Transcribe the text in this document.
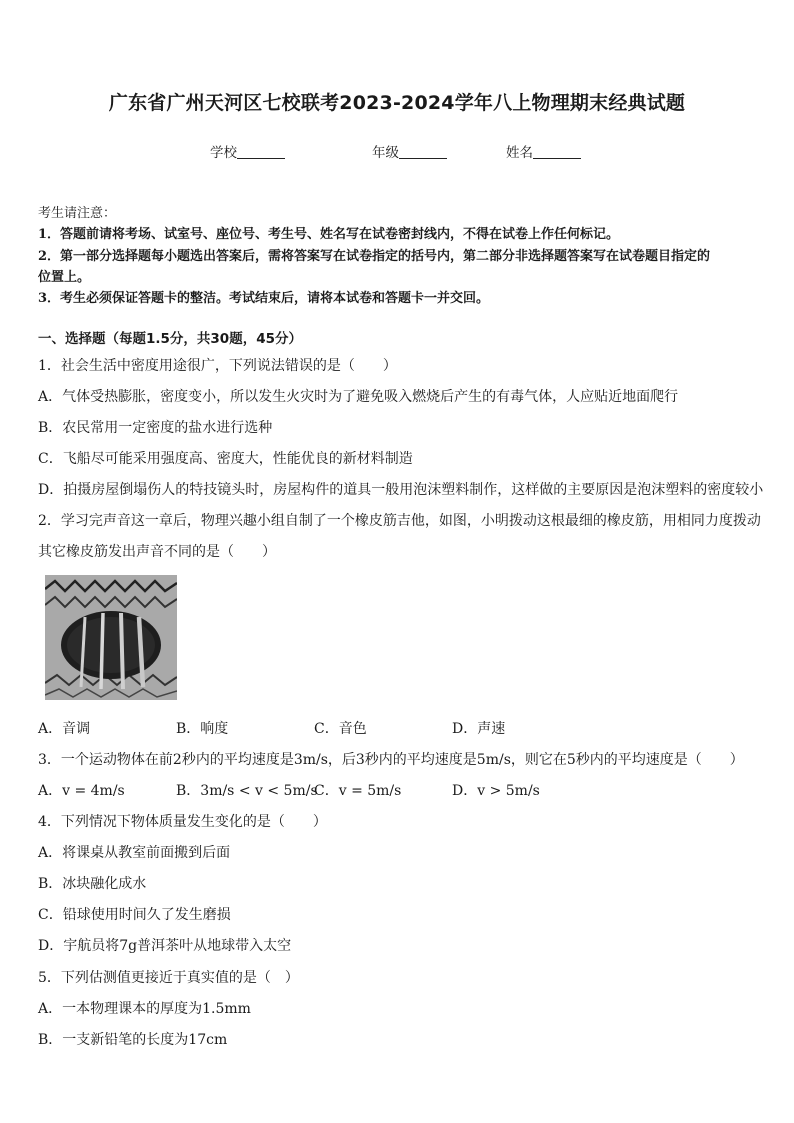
广东省广州天河区七校联考2023-2024学年八上物理期末经典试题
学校	年级	姓名
考生请注意：
1．答题前请将考场、试室号、座位号、考生号、姓名写在试卷密封线内，不得在试卷上作任何标记。
2．第一部分选择题每小题选出答案后，需将答案写在试卷指定的括号内，第二部分非选择题答案写在试卷题目指定的
位置上。
3．考生必须保证答题卡的整洁。考试结束后，请将本试卷和答题卡一并交回。
一、选择题（每题1.5分，共30题，45分）
1．社会生活中密度用途很广，下列说法错误的是（　　）
A．气体受热膨胀，密度变小，所以发生火灾时为了避免吸入燃烧后产生的有毒气体，人应贴近地面爬行
B．农民常用一定密度的盐水进行选种
C．飞船尽可能采用强度高、密度大，性能优良的新材料制造
D．拍摄房屋倒塌伤人的特技镜头时，房屋构件的道具一般用泡沫塑料制作，这样做的主要原因是泡沫塑料的密度较小
2．学习完声音这一章后，物理兴趣小组自制了一个橡皮筋吉他，如图，小明拨动这根最细的橡皮筋，用相同力度拨动
其它橡皮筋发出声音不同的是（　　）
A．音调	B．响度	C．音色	D．声速
3．一个运动物体在前2秒内的平均速度是3m/s，后3秒内的平均速度是5m/s，则它在5秒内的平均速度是（　　）
A．v = 4m/s	B．3m/s < v < 5m/s
C．v = 5m/s	D．v > 5m/s
4．下列情况下物体质量发生变化的是（　　）
A．将课桌从教室前面搬到后面
B．冰块融化成水
C．铅球使用时间久了发生磨损
D．宇航员将7g普洱茶叶从地球带入太空
5．下列估测值更接近于真实值的是（　）
A．一本物理课本的厚度为1.5mm
B．一支新铅笔的长度为17cm
